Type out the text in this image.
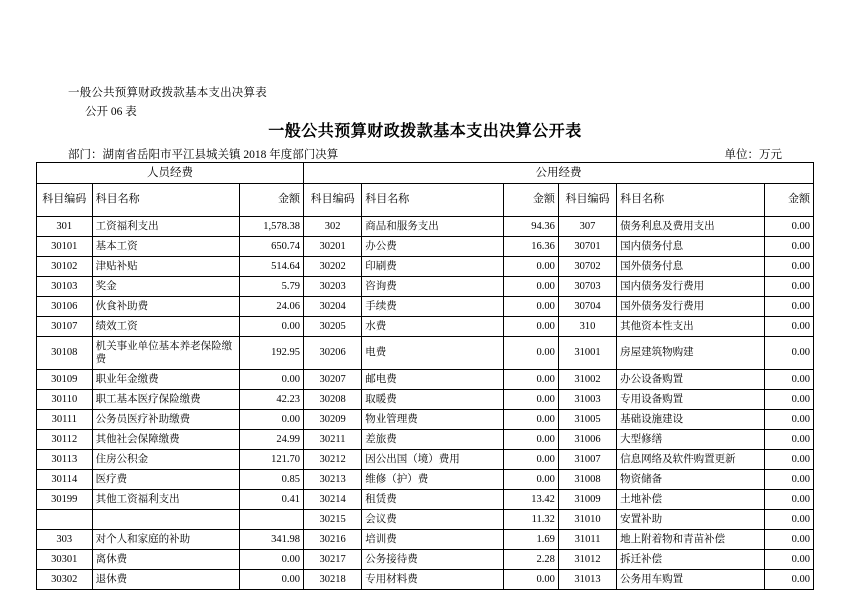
一般公共预算财政拨款基本支出决算表
公开 06 表
一般公共预算财政拨款基本支出决算公开表
部门：湖南省岳阳市平江县城关镇 2018 年度部门决算	单位：万元
人员经费			公用经费					
科目编码	科目名称	金额	科目编码	科目名称	金额	科目编码	科目名称	金额
301	工资福利支出	1,578.38	302	商品和服务支出	94.36	307	债务利息及费用支出	0.00
30101	基本工资	650.74	30201	办公费	16.36	30701	国内债务付息	0.00
30102	津贴补贴	514.64	30202	印刷费	0.00	30702	国外债务付息	0.00
30103	奖金	5.79	30203	咨询费	0.00	30703	国内债务发行费用	0.00
30106	伙食补助费	24.06	30204	手续费	0.00	30704	国外债务发行费用	0.00
30107	绩效工资	0.00	30205	水费	0.00	310	其他资本性支出	0.00
30108	机关事业单位基本养老保险缴费	192.95	30206	电费	0.00	31001	房屋建筑物购建	0.00
30109	职业年金缴费	0.00	30207	邮电费	0.00	31002	办公设备购置	0.00
30110	职工基本医疗保险缴费	42.23	30208	取暖费	0.00	31003	专用设备购置	0.00
30111	公务员医疗补助缴费	0.00	30209	物业管理费	0.00	31005	基础设施建设	0.00
30112	其他社会保障缴费	24.99	30211	差旅费	0.00	31006	大型修缮	0.00
30113	住房公积金	121.70	30212	因公出国（境）费用	0.00	31007	信息网络及软件购置更新	0.00
30114	医疗费	0.85	30213	维修（护）费	0.00	31008	物资储备	0.00
30199	其他工资福利支出	0.41	30214	租赁费	13.42	31009	土地补偿	0.00
			30215	会议费	11.32	31010	安置补助	0.00
303	对个人和家庭的补助	341.98	30216	培训费	1.69	31011	地上附着物和青苗补偿	0.00
30301	离休费	0.00	30217	公务接待费	2.28	31012	拆迁补偿	0.00
30302	退休费	0.00	30218	专用材料费	0.00	31013	公务用车购置	0.00
